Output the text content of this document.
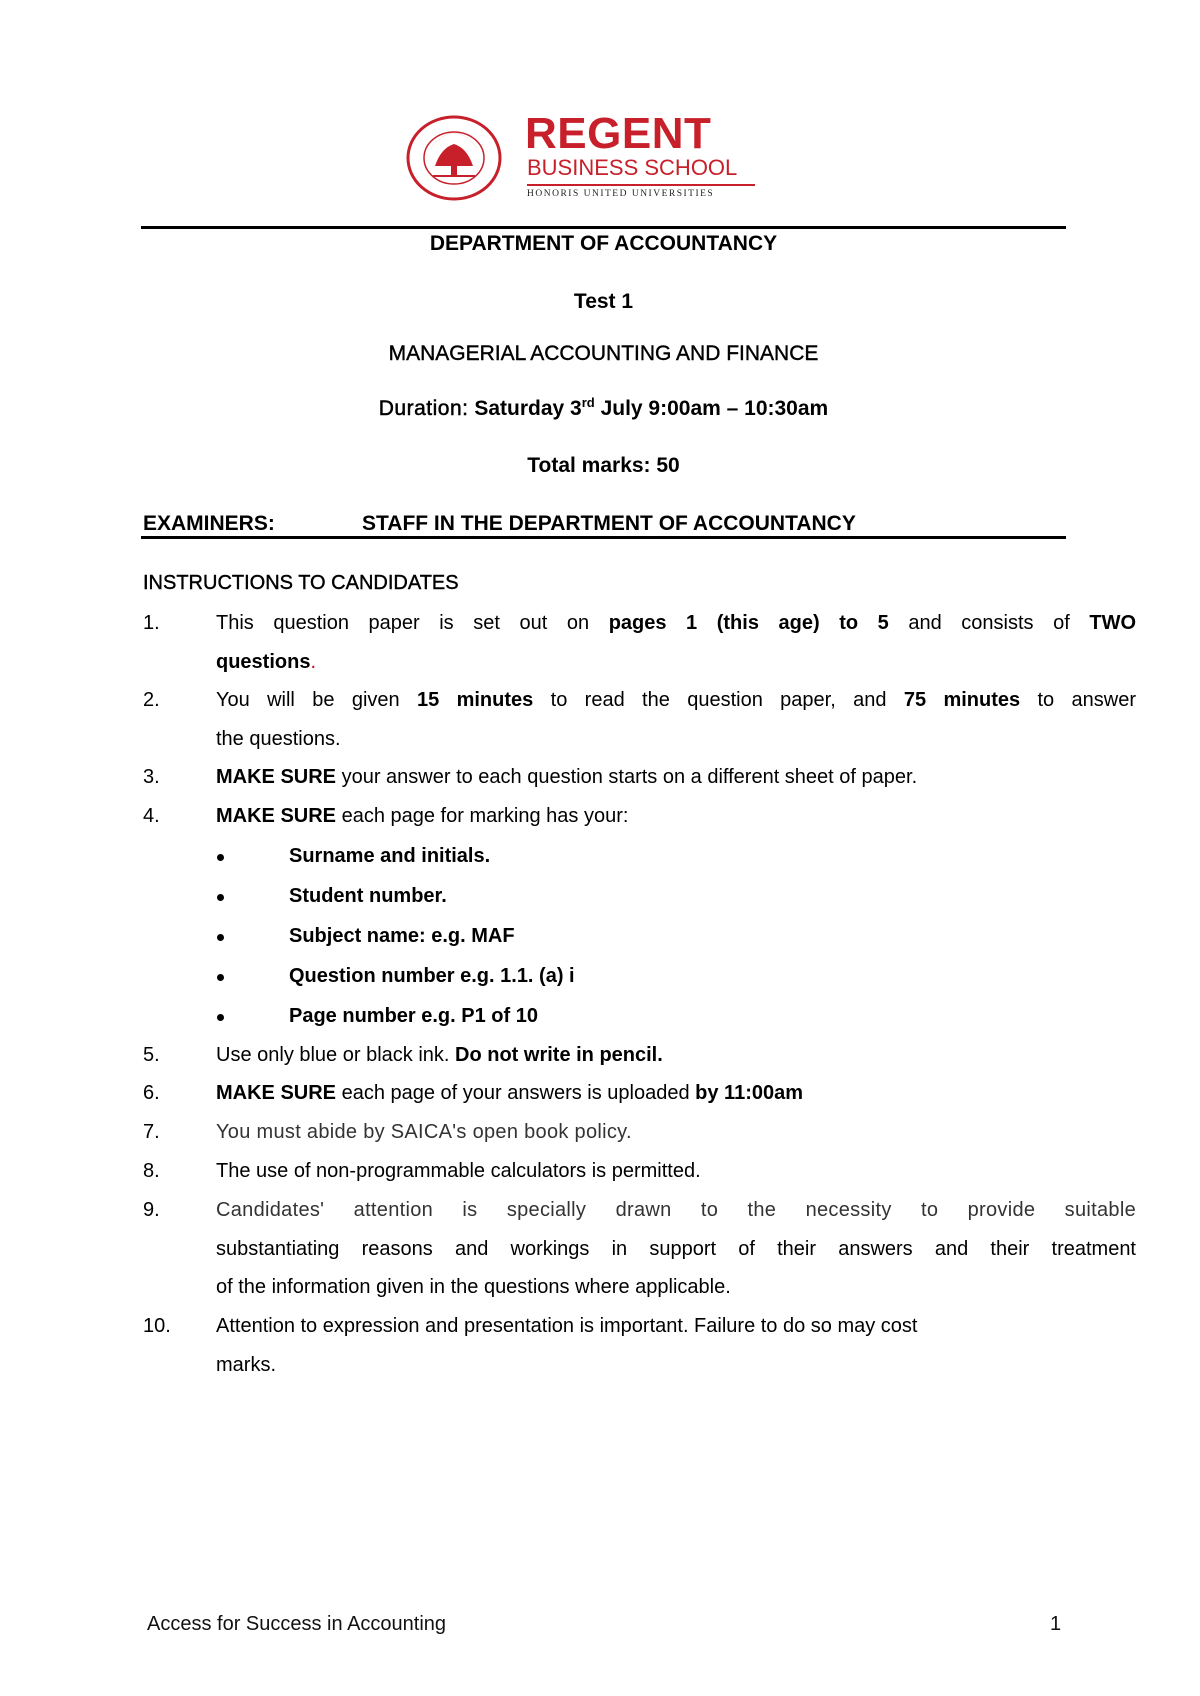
REGENT
BUSINESS SCHOOL
HONORIS UNITED UNIVERSITIES
DEPARTMENT OF ACCOUNTANCY
Test 1
MANAGERIAL ACCOUNTING AND FINANCE
Duration: Saturday 3rd July 9:00am – 10:30am
Total marks: 50
EXAMINERS:	STAFF IN THE DEPARTMENT OF ACCOUNTANCY
INSTRUCTIONS TO CANDIDATES
1.	This question paper is set out on pages 1 (this age) to 5 and consists of TWO
questions.
2.	You will be given 15 minutes to read the question paper, and 75 minutes to answer
the questions.
3.	MAKE SURE your answer to each question starts on a different sheet of paper.
4.	MAKE SURE each page for marking has your:
Surname and initials.
Student number.
Subject name: e.g. MAF
Question number e.g. 1.1. (a) i
Page number e.g. P1 of 10
5.	Use only blue or black ink. Do not write in pencil.
6.	MAKE SURE each page of your answers is uploaded by 11:00am
7.	You must abide by SAICA's open book policy.
8.	The use of non-programmable calculators is permitted.
9.	Candidates' attention is specially drawn to the necessity to provide suitable
substantiating reasons and workings in support of their answers and their treatment
of the information given in the questions where applicable.
10.	Attention to expression and presentation is important. Failure to do so may cost
marks.
Access for Success in Accounting	1
